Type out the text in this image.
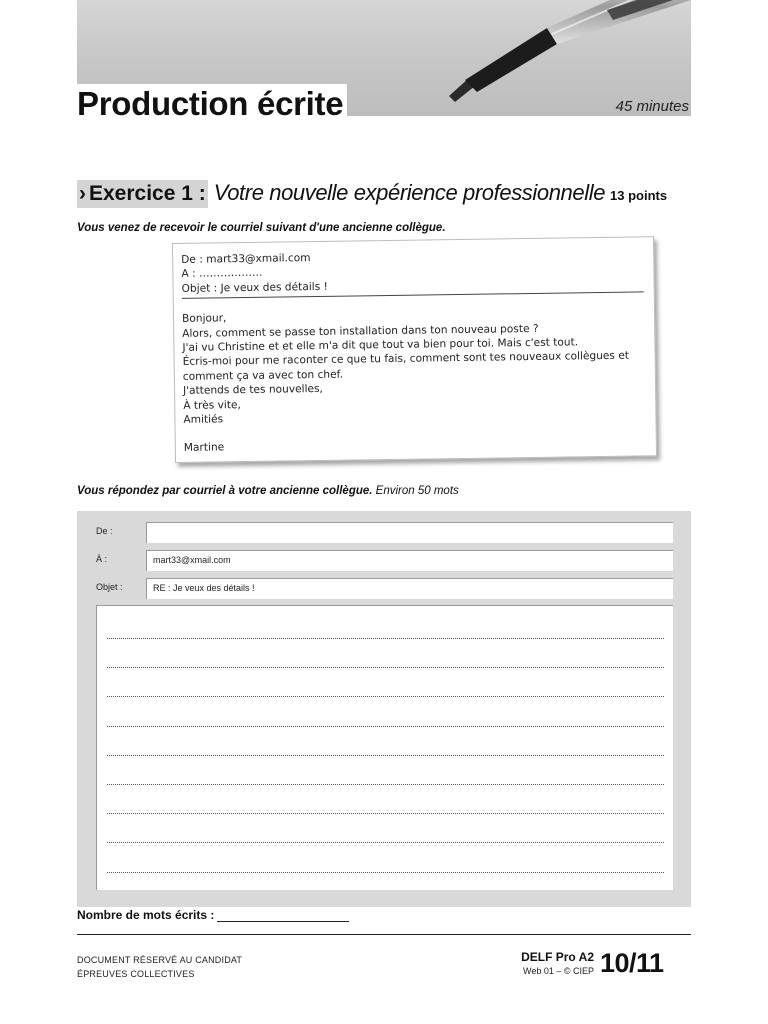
Production écrite	45 minutes
› Exercice 1 : Votre nouvelle expérience professionnelle 13 points
Vous venez de recevoir le courriel suivant d'une ancienne collègue.
De : mart33@xmail.com
A : ………………
Objet : Je veux des détails !
Bonjour,
Alors, comment se passe ton installation dans ton nouveau poste ?
J'ai vu Christine et et elle m'a dit que tout va bien pour toi. Mais c'est tout.
Écris-moi pour me raconter ce que tu fais, comment sont tes nouveaux collègues et
comment ça va avec ton chef.
J'attends de tes nouvelles,
À très vite,
Amitiés
Martine
Vous répondez par courriel à votre ancienne collègue. Environ 50 mots
De :
À :	mart33@xmail.com
Objet :	RE : Je veux des détails !
Nombre de mots écrits :
DOCUMENT RÉSERVÉ AU CANDIDAT
ÉPREUVES COLLECTIVES
DELF Pro A2
Web 01 – © CIEP 10/11
